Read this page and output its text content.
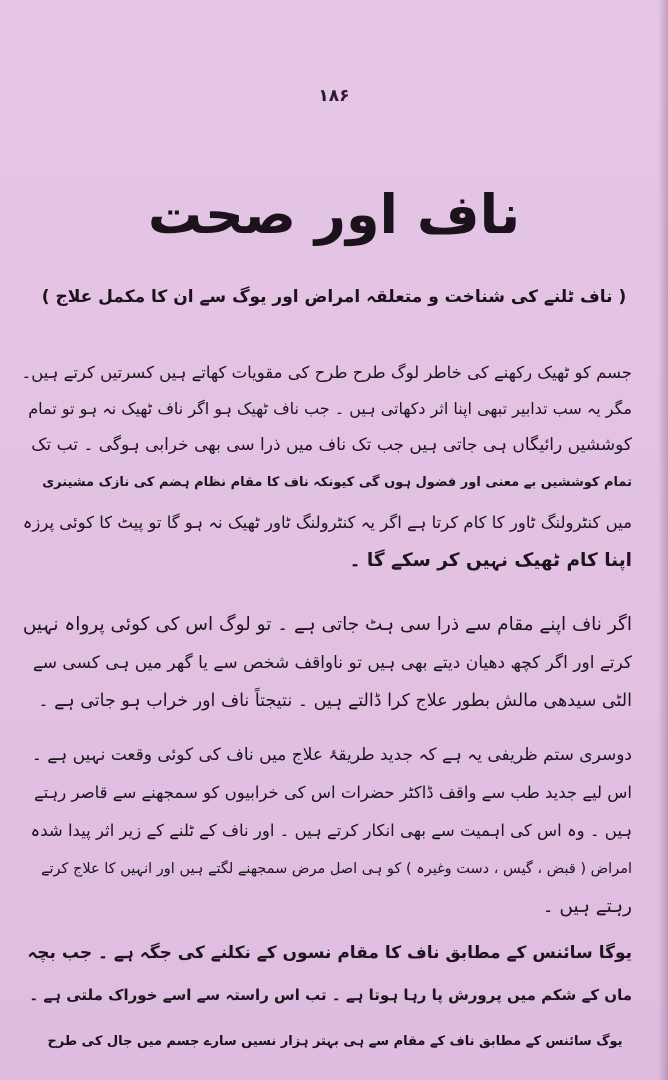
۱۸۶
ناف اور صحت
( ناف ٹلنے کی شناخت و متعلقہ امراض اور یوگ سے ان کا مکمل علاج )
جسم کو ٹھیک رکھنے کی خاطر لوگ طرح طرح کی مقویات کھاتے ہیں کسرتیں کرتے ہیں۔
مگر یہ سب تدابیر تبھی اپنا اثر دکھاتی ہیں ۔ جب ناف ٹھیک ہو اگر ناف ٹھیک نہ ہو تو تمام
کوششیں رائیگاں ہی جاتی ہیں جب تک ناف میں ذرا سی بھی خرابی ہوگی ۔ تب تک
تمام کوششیں بے معنی اور فضول ہوں گی کیونکہ ناف کا مقام نظام ہضم کی نازک مشینری
میں کنٹرولنگ ٹاور کا کام کرتا ہے اگر یہ کنٹرولنگ ٹاور ٹھیک نہ ہو گا تو پیٹ کا کوئی پرزہ
اپنا کام ٹھیک نہیں کر سکے گا ۔
اگر ناف اپنے مقام سے ذرا سی ہٹ جاتی ہے ۔ تو لوگ اس کی کوئی پرواہ نہیں
کرتے اور اگر کچھ دھیان دیتے بھی ہیں تو ناواقف شخص سے یا گھر میں ہی کسی سے
الٹی سیدھی مالش بطور علاج کرا ڈالتے ہیں ۔ نتیجتاً ناف اور خراب ہو جاتی ہے ۔
دوسری ستم ظریفی یہ ہے کہ جدید طریقۂ علاج میں ناف کی کوئی وقعت نہیں ہے ۔
اس لیے جدید طب سے واقف ڈاکٹر حضرات اس کی خرابیوں کو سمجھنے سے قاصر رہتے
ہیں ۔ وہ اس کی اہمیت سے بھی انکار کرتے ہیں ۔ اور ناف کے ٹلنے کے زیر اثر پیدا شدہ
امراض ( قبض ، گیس ، دست وغیرہ ) کو ہی اصل مرض سمجھنے لگتے ہیں اور انہیں کا علاج کرتے
رہتے ہیں ۔
یوگا سائنس کے مطابق ناف کا مقام نسوں کے نکلنے کی جگہ ہے ۔ جب بچہ
ماں کے شکم میں پرورش پا رہا ہوتا ہے ۔ تب اس راستہ سے اسے خوراک ملتی ہے ۔
‫یوگ سائنس کے مطابق ناف کے مقام سے ہی بہتر ہزار نسیں سارے جسم میں جال کی طرح‬
